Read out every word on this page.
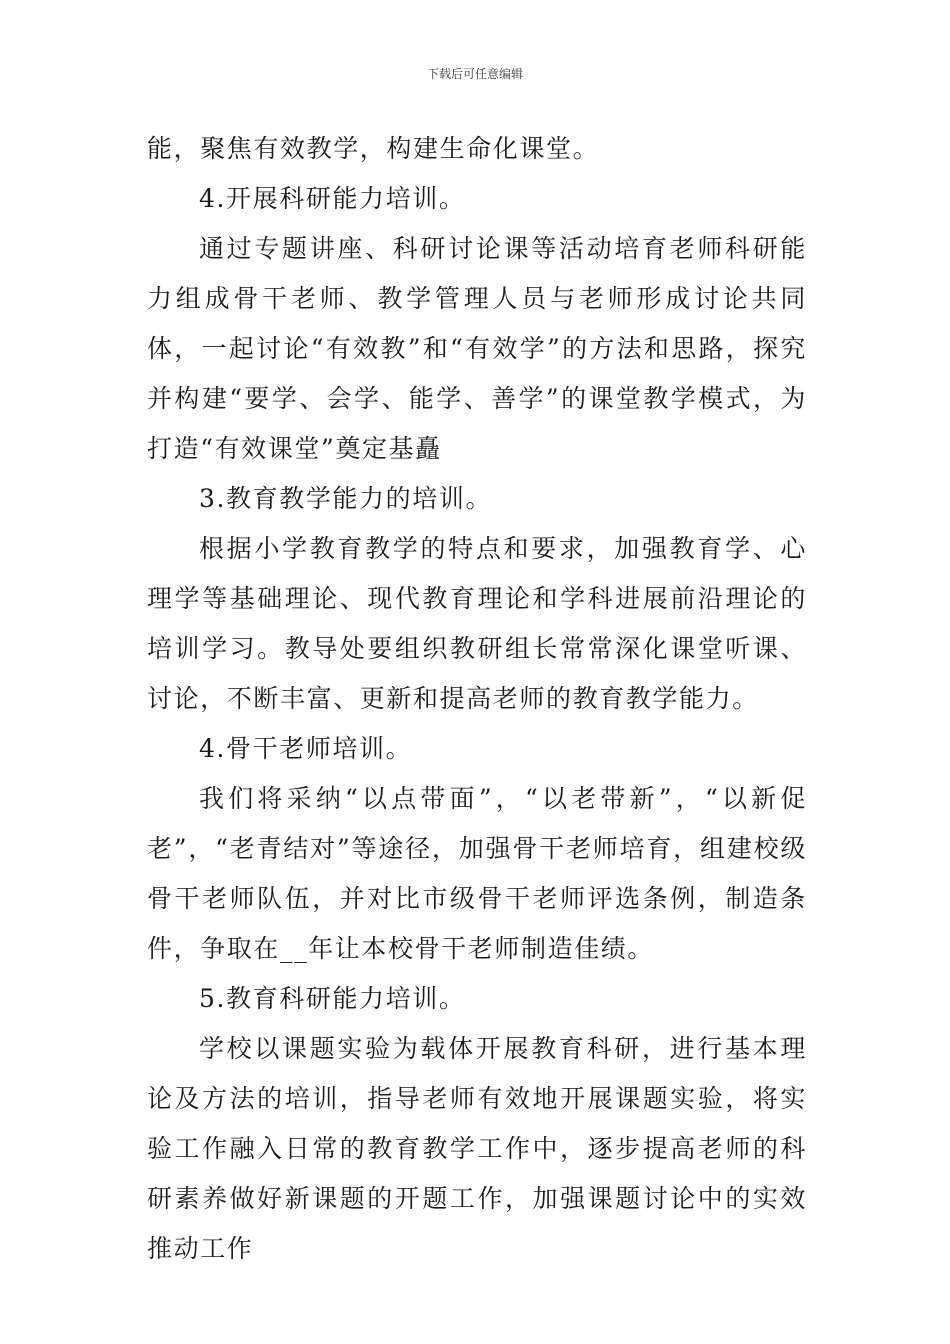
下载后可任意编辑

能，聚焦有效教学，构建生命化课堂。

4.开展科研能力培训。

通过专题讲座、科研讨论课等活动培育老师科研能力组成骨干老师、教学管理人员与老师形成讨论共同体，一起讨论“有效教”和“有效学”的方法和思路，探究并构建“要学、会学、能学、善学”的课堂教学模式，为打造“有效课堂”奠定基矗

3.教育教学能力的培训。

根据小学教育教学的特点和要求，加强教育学、心理学等基础理论、现代教育理论和学科进展前沿理论的培训学习。教导处要组织教研组长常常深化课堂听课、讨论，不断丰富、更新和提高老师的教育教学能力。

4.骨干老师培训。

我们将采纳“以点带面”，“以老带新”，“以新促老”，“老青结对”等途径，加强骨干老师培育，组建校级骨干老师队伍，并对比市级骨干老师评选条例，制造条件，争取在__年让本校骨干老师制造佳绩。

5.教育科研能力培训。

学校以课题实验为载体开展教育科研，进行基本理论及方法的培训，指导老师有效地开展课题实验，将实验工作融入日常的教育教学工作中，逐步提高老师的科研素养做好新课题的开题工作，加强课题讨论中的实效推动工作
